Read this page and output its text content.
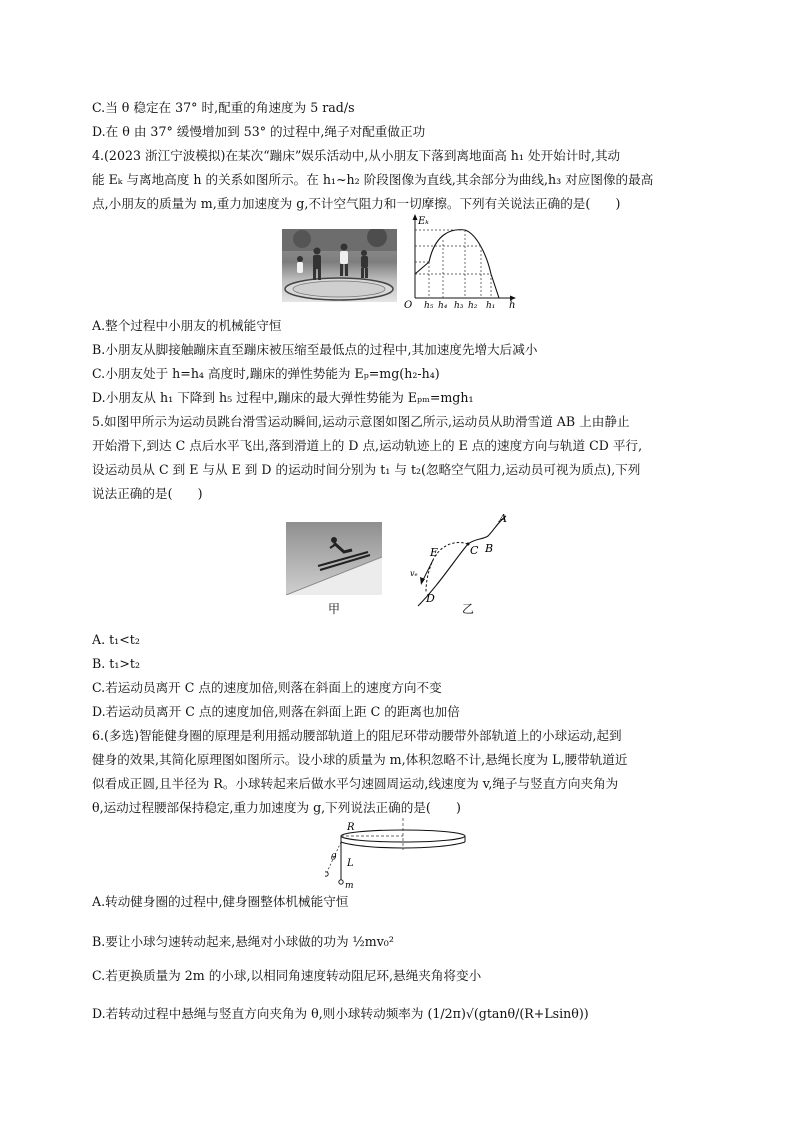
C.当 θ 稳定在 37° 时,配重的角速度为 5 rad/s
D.在 θ 由 37° 缓慢增加到 53° 的过程中,绳子对配重做正功
4.(2023 浙江宁波模拟)在某次“蹦床”娱乐活动中,从小朋友下落到离地面高 h₁ 处开始计时,其动
能 Eₖ 与离地高度 h 的关系如图所示。在 h₁~h₂ 阶段图像为直线,其余部分为曲线,h₃ 对应图像的最高
点,小朋友的质量为 m,重力加速度为 g,不计空气阻力和一切摩擦。下列有关说法正确的是(　　)
Eₖ
O	h
h₅ h₄ h₃ h₂ h₁
A.整个过程中小朋友的机械能守恒
B.小朋友从脚接触蹦床直至蹦床被压缩至最低点的过程中,其加速度先增大后减小
C.小朋友处于 h=h₄ 高度时,蹦床的弹性势能为 Eₚ=mg(h₂-h₄)
D.小朋友从 h₁ 下降到 h₅ 过程中,蹦床的最大弹性势能为 Eₚₘ=mgh₁
5.如图甲所示为运动员跳台滑雪运动瞬间,运动示意图如图乙所示,运动员从助滑雪道 AB 上由静止
开始滑下,到达 C 点后水平飞出,落到滑道上的 D 点,运动轨迹上的 E 点的速度方向与轨道 CD 平行,
设运动员从 C 到 E 与从 E 到 D 的运动时间分别为 t₁ 与 t₂(忽略空气阻力,运动员可视为质点),下列
说法正确的是(　　)
甲
A
B
C
E
D
vₑ
乙
A. t₁<t₂
B. t₁>t₂
C.若运动员离开 C 点的速度加倍,则落在斜面上的速度方向不变
D.若运动员离开 C 点的速度加倍,则落在斜面上距 C 的距离也加倍
6.(多选)智能健身圈的原理是利用摇动腰部轨道上的阻尼环带动腰带外部轨道上的小球运动,起到
健身的效果,其简化原理图如图所示。设小球的质量为 m,体积忽略不计,悬绳长度为 L,腰带轨道近
似看成正圆,且半径为 R。小球转起来后做水平匀速圆周运动,线速度为 v,绳子与竖直方向夹角为
θ,运动过程腰部保持稳定,重力加速度为 g,下列说法正确的是(　　)
R
L
m
θ
A.转动健身圈的过程中,健身圈整体机械能守恒
B.要让小球匀速转动起来,悬绳对小球做的功为 ½mv₀²
C.若更换质量为 2m 的小球,以相同角速度转动阻尼环,悬绳夹角将变小
D.若转动过程中悬绳与竖直方向夹角为 θ,则小球转动频率为 (1/2π)√(gtanθ/(R+Lsinθ))
